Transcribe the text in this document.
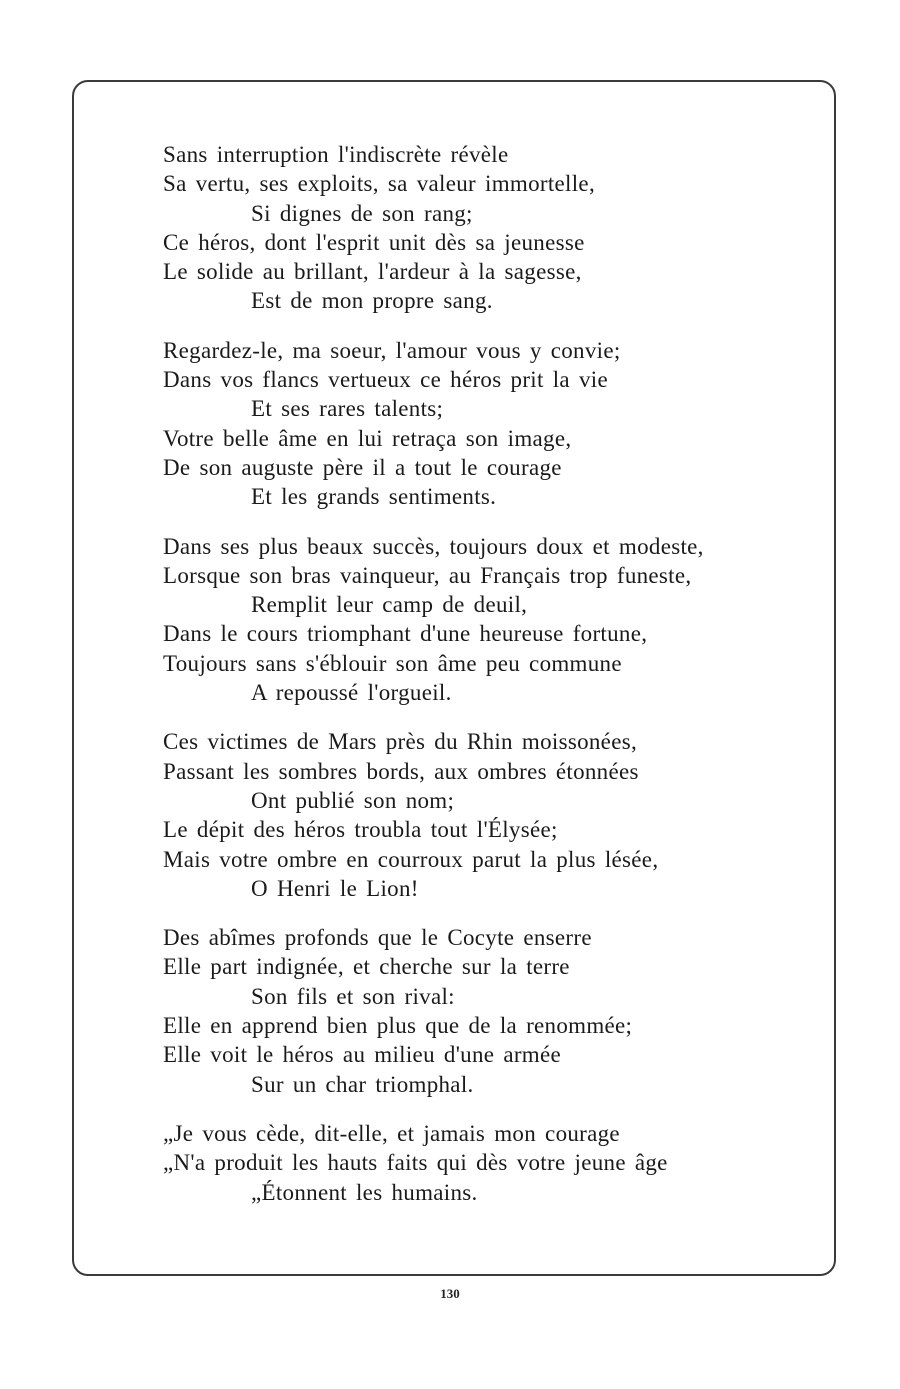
Sans interruption l'indiscrète révèle
Sa vertu, ses exploits, sa valeur immortelle,
Si dignes de son rang;
Ce héros, dont l'esprit unit dès sa jeunesse
Le solide au brillant, l'ardeur à la sagesse,
Est de mon propre sang.
Regardez-le, ma soeur, l'amour vous y convie;
Dans vos flancs vertueux ce héros prit la vie
Et ses rares talents;
Votre belle âme en lui retraça son image,
De son auguste père il a tout le courage
Et les grands sentiments.
Dans ses plus beaux succès, toujours doux et modeste,
Lorsque son bras vainqueur, au Français trop funeste,
Remplit leur camp de deuil,
Dans le cours triomphant d'une heureuse fortune,
Toujours sans s'éblouir son âme peu commune
A repoussé l'orgueil.
Ces victimes de Mars près du Rhin moissonées,
Passant les sombres bords, aux ombres étonnées
Ont publié son nom;
Le dépit des héros troubla tout l'Élysée;
Mais votre ombre en courroux parut la plus lésée,
O Henri le Lion!
Des abîmes profonds que le Cocyte enserre
Elle part indignée, et cherche sur la terre
Son fils et son rival:
Elle en apprend bien plus que de la renommée;
Elle voit le héros au milieu d'une armée
Sur un char triomphal.
„Je vous cède, dit-elle, et jamais mon courage
„N'a produit les hauts faits qui dès votre jeune âge
„Étonnent les humains.
130
